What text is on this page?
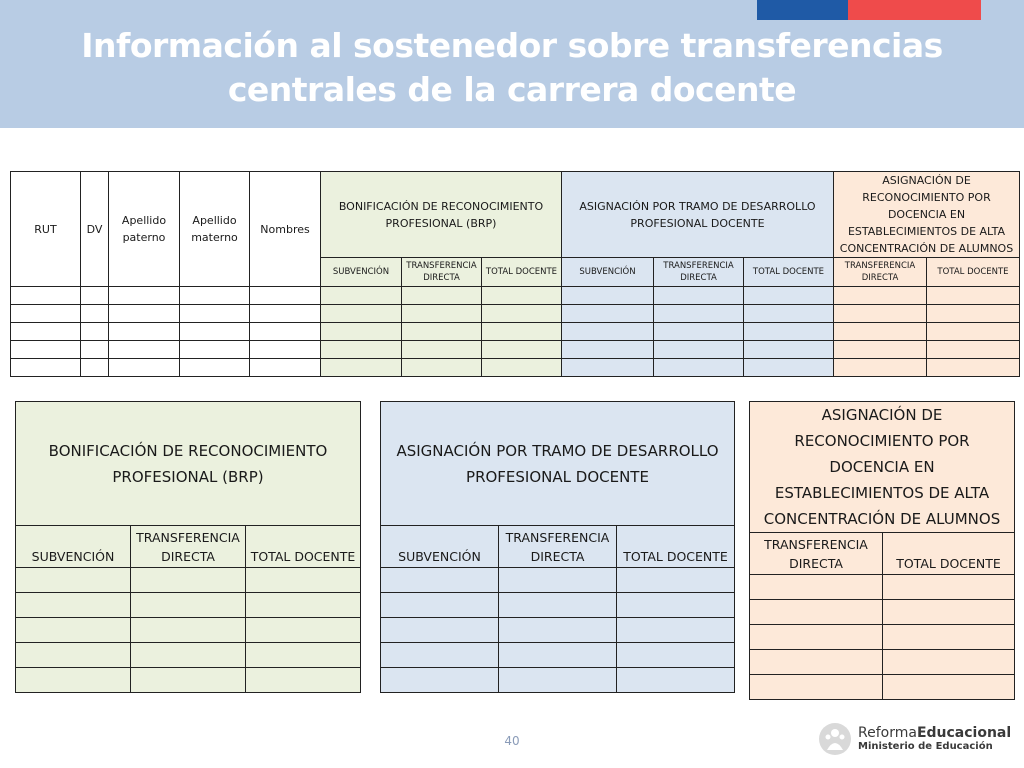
Información al sostenedor sobre transferencias
centrales de la carrera docente
RUT	DV	Apellido paterno	Apellido materno	Nombres	BONIFICACIÓN DE RECONOCIMIENTO PROFESIONAL (BRP)			ASIGNACIÓN POR TRAMO DE DESARROLLO PROFESIONAL DOCENTE			ASIGNACIÓN DE RECONOCIMIENTO POR DOCENCIA EN ESTABLECIMIENTOS DE ALTA CONCENTRACIÓN DE ALUMNOS	
					SUBVENCIÓN	TRANSFERENCIA DIRECTA	TOTAL DOCENTE	SUBVENCIÓN	TRANSFERENCIA DIRECTA	TOTAL DOCENTE	TRANSFERENCIA DIRECTA	TOTAL DOCENTE

BONIFICACIÓN DE RECONOCIMIENTO PROFESIONAL (BRP)		
SUBVENCIÓN	TRANSFERENCIA DIRECTA	TOTAL DOCENTE

ASIGNACIÓN POR TRAMO DE DESARROLLO PROFESIONAL DOCENTE		
SUBVENCIÓN	TRANSFERENCIA DIRECTA	TOTAL DOCENTE

ASIGNACIÓN DE RECONOCIMIENTO POR DOCENCIA EN ESTABLECIMIENTOS DE ALTA CONCENTRACIÓN DE ALUMNOS	
TRANSFERENCIA DIRECTA	TOTAL DOCENTE

40	ReformaEducacional
Ministerio de Educación
